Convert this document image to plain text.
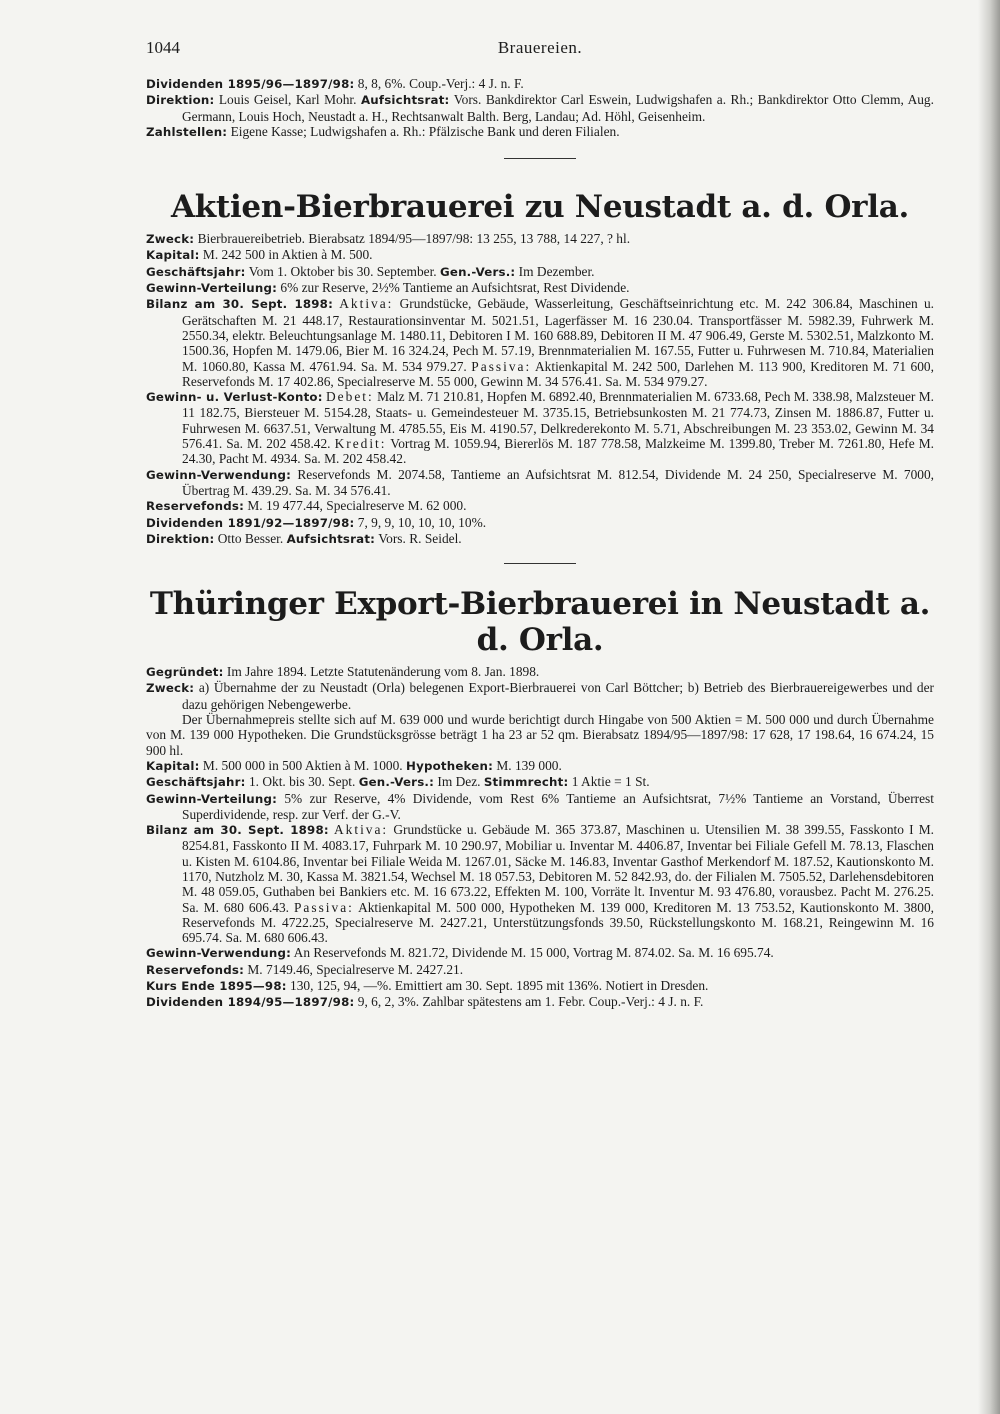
1044	Brauereien.

Dividenden 1895/96—1897/98: 8, 8, 6%. Coup.-Verj.: 4 J. n. F.

Direktion: Louis Geisel, Karl Mohr. Aufsichtsrat: Vors. Bankdirektor Carl Eswein, Ludwigshafen a. Rh.; Bankdirektor Otto Clemm, Aug. Germann, Louis Hoch, Neustadt a. H., Rechtsanwalt Balth. Berg, Landau; Ad. Höhl, Geisenheim.

Zahlstellen: Eigene Kasse; Ludwigshafen a. Rh.: Pfälzische Bank und deren Filialen.

Aktien-Bierbrauerei zu Neustadt a. d. Orla.

Zweck: Bierbrauereibetrieb. Bierabsatz 1894/95—1897/98: 13 255, 13 788, 14 227, ? hl.

Kapital: M. 242 500 in Aktien à M. 500.

Geschäftsjahr: Vom 1. Oktober bis 30. September. Gen.-Vers.: Im Dezember.

Gewinn-Verteilung: 6% zur Reserve, 2½% Tantieme an Aufsichtsrat, Rest Dividende.

Bilanz am 30. Sept. 1898: Aktiva: Grundstücke, Gebäude, Wasserleitung, Geschäftseinrichtung etc. M. 242 306.84, Maschinen u. Gerätschaften M. 21 448.17, Restaurationsinventar M. 5021.51, Lagerfässer M. 16 230.04. Transportfässer M. 5982.39, Fuhrwerk M. 2550.34, elektr. Beleuchtungsanlage M. 1480.11, Debitoren I M. 160 688.89, Debitoren II M. 47 906.49, Gerste M. 5302.51, Malzkonto M. 1500.36, Hopfen M. 1479.06, Bier M. 16 324.24, Pech M. 57.19, Brennmaterialien M. 167.55, Futter u. Fuhrwesen M. 710.84, Materialien M. 1060.80, Kassa M. 4761.94. Sa. M. 534 979.27. Passiva: Aktienkapital M. 242 500, Darlehen M. 113 900, Kreditoren M. 71 600, Reservefonds M. 17 402.86, Specialreserve M. 55 000, Gewinn M. 34 576.41. Sa. M. 534 979.27.

Gewinn- u. Verlust-Konto: Debet: Malz M. 71 210.81, Hopfen M. 6892.40, Brennmaterialien M. 6733.68, Pech M. 338.98, Malzsteuer M. 11 182.75, Biersteuer M. 5154.28, Staats- u. Gemeindesteuer M. 3735.15, Betriebsunkosten M. 21 774.73, Zinsen M. 1886.87, Futter u. Fuhrwesen M. 6637.51, Verwaltung M. 4785.55, Eis M. 4190.57, Delkrederekonto M. 5.71, Abschreibungen M. 23 353.02, Gewinn M. 34 576.41. Sa. M. 202 458.42. Kredit: Vortrag M. 1059.94, Biererlös M. 187 778.58, Malzkeime M. 1399.80, Treber M. 7261.80, Hefe M. 24.30, Pacht M. 4934. Sa. M. 202 458.42.

Gewinn-Verwendung: Reservefonds M. 2074.58, Tantieme an Aufsichtsrat M. 812.54, Dividende M. 24 250, Specialreserve M. 7000, Übertrag M. 439.29. Sa. M. 34 576.41.

Reservefonds: M. 19 477.44, Specialreserve M. 62 000.

Dividenden 1891/92—1897/98: 7, 9, 9, 10, 10, 10, 10%.

Direktion: Otto Besser. Aufsichtsrat: Vors. R. Seidel.

Thüringer Export-Bierbrauerei in Neustadt a. d. Orla.

Gegründet: Im Jahre 1894. Letzte Statutenänderung vom 8. Jan. 1898.

Zweck: a) Übernahme der zu Neustadt (Orla) belegenen Export-Bierbrauerei von Carl Böttcher; b) Betrieb des Bierbrauereigewerbes und der dazu gehörigen Nebengewerbe.

Der Übernahmepreis stellte sich auf M. 639 000 und wurde berichtigt durch Hingabe von 500 Aktien = M. 500 000 und durch Übernahme von M. 139 000 Hypotheken. Die Grundstücksgrösse beträgt 1 ha 23 ar 52 qm. Bierabsatz 1894/95—1897/98: 17 628, 17 198.64, 16 674.24, 15 900 hl.

Kapital: M. 500 000 in 500 Aktien à M. 1000. Hypotheken: M. 139 000.

Geschäftsjahr: 1. Okt. bis 30. Sept. Gen.-Vers.: Im Dez. Stimmrecht: 1 Aktie = 1 St.

Gewinn-Verteilung: 5% zur Reserve, 4% Dividende, vom Rest 6% Tantieme an Aufsichtsrat, 7½% Tantieme an Vorstand, Überrest Superdividende, resp. zur Verf. der G.-V.

Bilanz am 30. Sept. 1898: Aktiva: Grundstücke u. Gebäude M. 365 373.87, Maschinen u. Utensilien M. 38 399.55, Fasskonto I M. 8254.81, Fasskonto II M. 4083.17, Fuhrpark M. 10 290.97, Mobiliar u. Inventar M. 4406.87, Inventar bei Filiale Gefell M. 78.13, Flaschen u. Kisten M. 6104.86, Inventar bei Filiale Weida M. 1267.01, Säcke M. 146.83, Inventar Gasthof Merkendorf M. 187.52, Kautionskonto M. 1170, Nutzholz M. 30, Kassa M. 3821.54, Wechsel M. 18 057.53, Debitoren M. 52 842.93, do. der Filialen M. 7505.52, Darlehensdebitoren M. 48 059.05, Guthaben bei Bankiers etc. M. 16 673.22, Effekten M. 100, Vorräte lt. Inventur M. 93 476.80, vorausbez. Pacht M. 276.25. Sa. M. 680 606.43. Passiva: Aktienkapital M. 500 000, Hypotheken M. 139 000, Kreditoren M. 13 753.52, Kautionskonto M. 3800, Reservefonds M. 4722.25, Specialreserve M. 2427.21, Unterstützungsfonds 39.50, Rückstellungskonto M. 168.21, Reingewinn M. 16 695.74. Sa. M. 680 606.43.

Gewinn-Verwendung: An Reservefonds M. 821.72, Dividende M. 15 000, Vortrag M. 874.02. Sa. M. 16 695.74.

Reservefonds: M. 7149.46, Specialreserve M. 2427.21.

Kurs Ende 1895—98: 130, 125, 94, —%. Emittiert am 30. Sept. 1895 mit 136%. Notiert in Dresden.

Dividenden 1894/95—1897/98: 9, 6, 2, 3%. Zahlbar spätestens am 1. Febr. Coup.-Verj.: 4 J. n. F.
